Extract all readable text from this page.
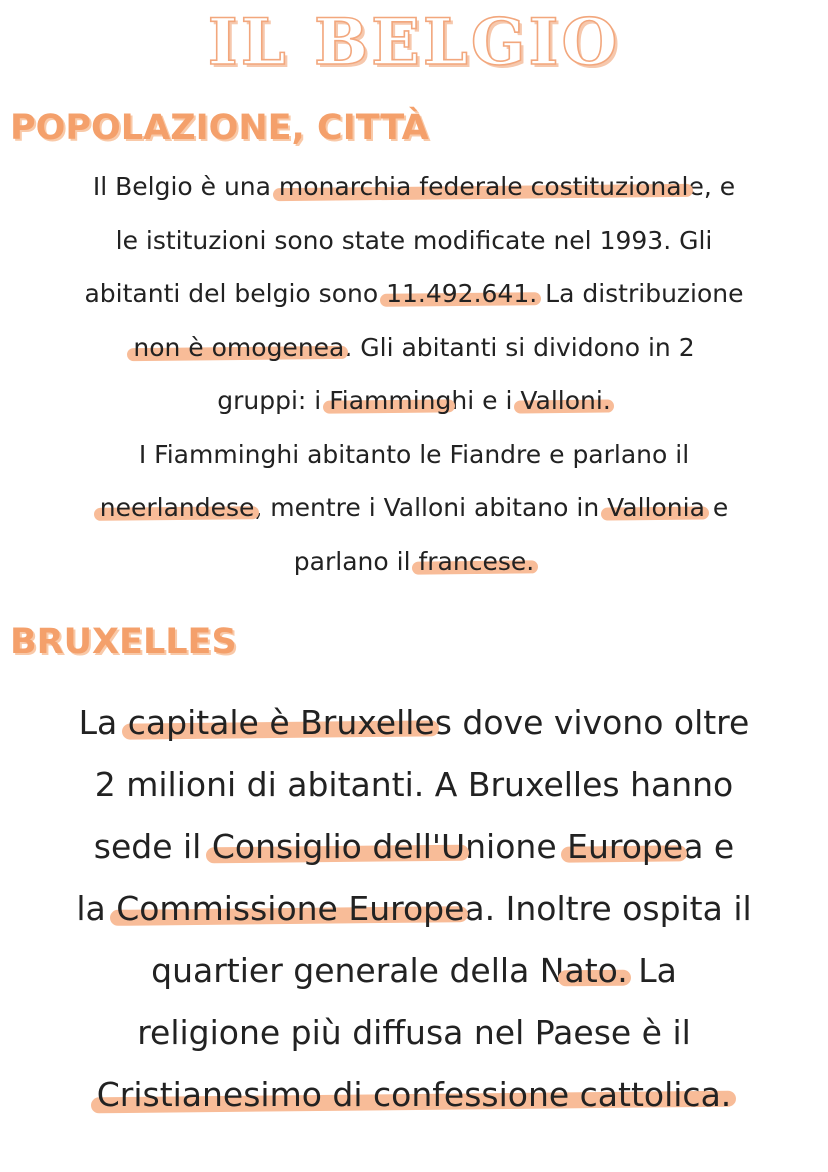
IL BELGIO
POPOLAZIONE, CITTÀ
Il Belgio è una monarchia federale costituzionale, e
le istituzioni sono state modificate nel 1993. Gli
abitanti del belgio sono 11.492.641. La distribuzione
non è omogenea. Gli abitanti si dividono in 2
gruppi: i Fiamminghi e i Valloni.
I Fiamminghi abitanto le Fiandre e parlano il
neerlandese, mentre i Valloni abitano in Vallonia e
parlano il francese.
BRUXELLES
La capitale è Bruxelles dove vivono oltre
2 milioni di abitanti. A Bruxelles hanno
sede il Consiglio dell'Unione Europea e
la Commissione Europea. Inoltre ospita il
quartier generale della Nato. La
religione più diffusa nel Paese è il
Cristianesimo di confessione cattolica.
